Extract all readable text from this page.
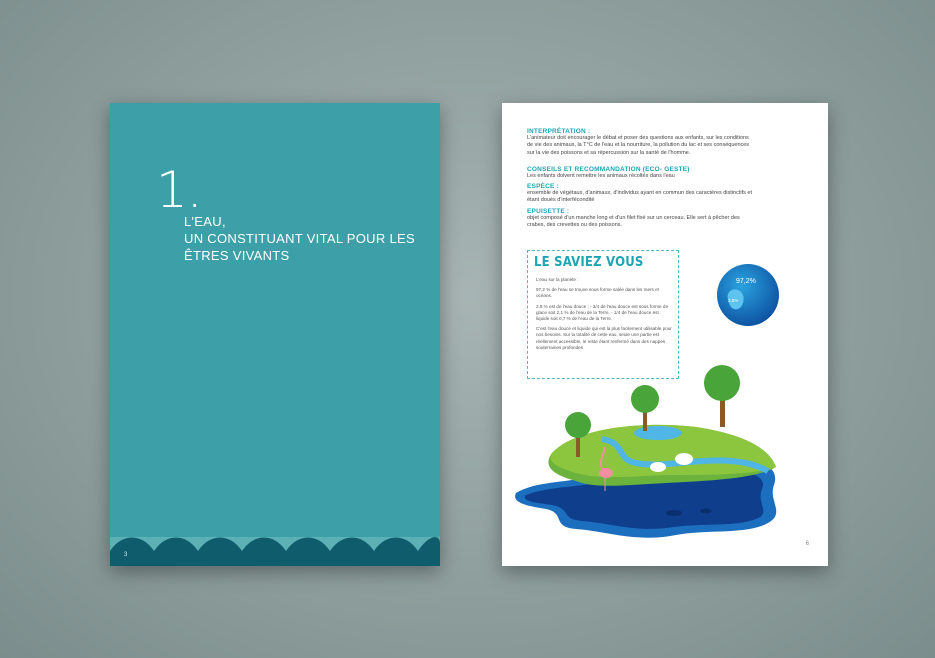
1.
L'EAU,
UN CONSTITUANT VITAL POUR LES
ÊTRES VIVANTS
3
INTERPRÉTATION :

L'animateur doit encourager le débat et poser des questions aux enfants, sur les conditions

de vie des animaux, la T°C de l'eau et la nourriture, la pollution du lac et ses conséquences

sur la vie des poissons et sa répercussion sur la santé de l'homme.

CONSEILS ET RECOMMANDATION (ECO- GESTE)

Les enfants doivent remettre les animaux récoltés dans l'eau

ESPÈCE :

ensemble de végétaux, d'animaux, d'individus ayant en commun des caractères distinctifs et

étant doués d'interfécondité

EPUISETTE :

objet composé d'un manche long et d'un filet fixé sur un cerceau. Elle sert à pêcher des

crabes, des crevettes ou des poissons.

LE SAVIEZ VOUS

L'eau sur la planète :

97,2 % de l'eau se trouve sous forme salée dans les mers et océans.

2,8 % est de l'eau douce : - 3/4 de l'eau douce est sous forme de glace soit 2,1 % de l'eau de la Terre. - 1/4 de l'eau douce est liquide soit 0,7 % de l'eau de la Terre.

C'est l'eau douce et liquide qui est la plus facilement utilisable pour nos besoins. Sur la totalité de cette eau, seule une partie est réellement accessible, le reste étant renfermé dans des nappes souterraines profondes

97,2%
2,8%
6
